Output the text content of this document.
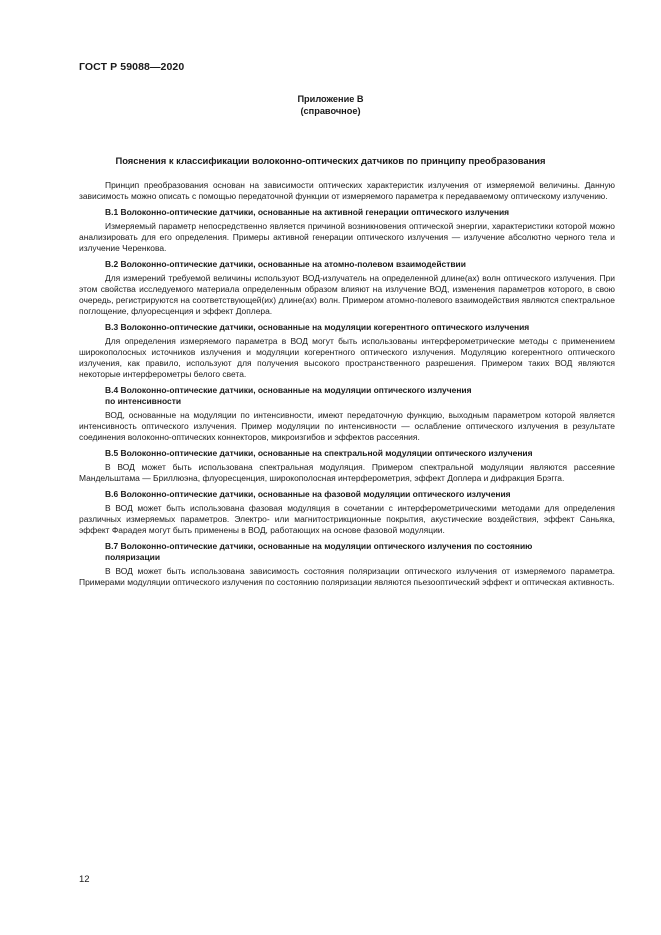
ГОСТ Р 59088—2020
Приложение В
(справочное)
Пояснения к классификации волоконно-оптических датчиков по принципу преобразования

Принцип преобразования основан на зависимости оптических характеристик излучения от измеряемой величины. Данную зависимость можно описать с помощью передаточной функции от измеряемого параметра к передаваемому оптическому излучению.

В.1 Волоконно-оптические датчики, основанные на активной генерации оптического излучения

Измеряемый параметр непосредственно является причиной возникновения оптической энергии, характеристики которой можно анализировать для его определения. Примеры активной генерации оптического излучения — излучение абсолютно черного тела и излучение Черенкова.

В.2 Волоконно-оптические датчики, основанные на атомно-полевом взаимодействии

Для измерений требуемой величины используют ВОД-излучатель на определенной длине(ах) волн оптического излучения. При этом свойства исследуемого материала определенным образом влияют на излучение ВОД, изменения параметров которого, в свою очередь, регистрируются на соответствующей(их) длине(ах) волн. Примером атомно-полевого взаимодействия являются спектральное поглощение, флуоресценция и эффект Доплера.

В.3 Волоконно-оптические датчики, основанные на модуляции когерентного оптического излучения

Для определения измеряемого параметра в ВОД могут быть использованы интерферометрические методы с применением широкополосных источников излучения и модуляции когерентного оптического излучения. Модуляцию когерентного оптического излучения, как правило, используют для получения высокого пространственного разрешения. Примером таких ВОД являются некоторые интерферометры белого света.

В.4 Волоконно-оптические датчики, основанные на модуляции оптического излучения
по интенсивности

ВОД, основанные на модуляции по интенсивности, имеют передаточную функцию, выходным параметром которой является интенсивность оптического излучения. Пример модуляции по интенсивности — ослабление оптического излучения в результате соединения волоконно-оптических коннекторов, микроизгибов и эффектов рассеяния.

В.5 Волоконно-оптические датчики, основанные на спектральной модуляции оптического излучения

В ВОД может быть использована спектральная модуляция. Примером спектральной модуляции являются рассеяние Мандельштама — Бриллюэна, флуоресценция, широкополосная интерферометрия, эффект Доплера и дифракция Брэгга.

В.6 Волоконно-оптические датчики, основанные на фазовой модуляции оптического излучения

В ВОД может быть использована фазовая модуляция в сочетании с интерферометрическими методами для определения различных измеряемых параметров. Электро- или магнитострикционные покрытия, акустические воздействия, эффект Саньяка, эффект Фарадея могут быть применены в ВОД, работающих на основе фазовой модуляции.

В.7 Волоконно-оптические датчики, основанные на модуляции оптического излучения по состоянию
поляризации

В ВОД может быть использована зависимость состояния поляризации оптического излучения от измеряемого параметра. Примерами модуляции оптического излучения по состоянию поляризации являются пьезооптический эффект и оптическая активность.

12
